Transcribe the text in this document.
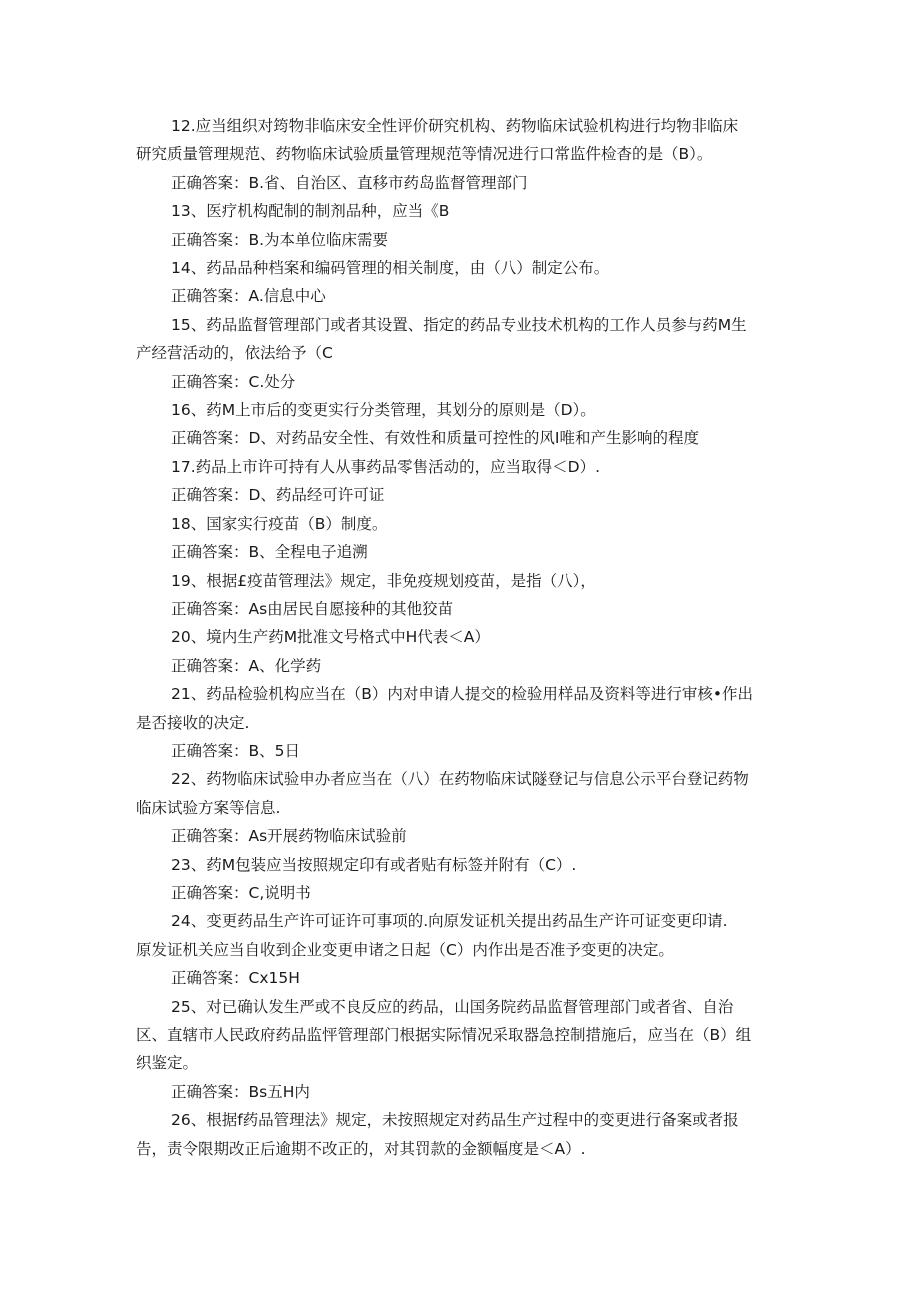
12.应当组织对筠物非临床安全性评价研究机构、药物临床试验机构进行均物非临床
研究质量管理规范、药物临床试验质量管理规范等情况进行口常监件检杳的是（B）。
正确答案：B.省、自治区、直移市药岛监督管理部门
13、医疗机构配制的制剂品种，应当《B
正确答案：B.为本单位临床需要
14、药品品种档案和编码管理的相关制度，由（八）制定公布。
正确答案：A.信息中心
15、药品监督管理部门或者其设置、指定的药品专业技术机构的工作人员参与药M生
产经营活动的，依法给予（C
正确答案：C.处分
16、药M上市后的变更实行分类管理，其划分的原则是（D）。
正确答案：D、对药品安全性、有效性和质量可控性的风I唯和产生影响的程度
17.药品上市许可持有人从事药品零售活动的，应当取得＜D）.
正确答案：D、药品经可许可证
18、国家实行疫苗（B）制度。
正确答案：B、全程电子追溯
19、根据£疫苗管理法》规定，非免疫规划疫苗，是指（八），
正确答案：As由居民自愿接种的其他狡苗
20、境内生产药M批准文号格式中H代表＜A）
正确答案：A、化学药
21、药品检验机构应当在（B）内对申请人提交的检验用样品及资料等进行审核•作出
是否接收的决定.
正确答案：B、5日
22、药物临床试验申办者应当在（八）在药物临床试隧登记与信息公示平台登记药物
临床试验方案等信息.
正确答案：As开展药物临床试验前
23、药M包装应当按照规定印有或者贴有标签并附有（C）.
正确答案：C,说明书
24、变更药品生产许可证许可事项的.向原发证机关提出药品生产许可证变更印请.
原发证机关应当自收到企业变更申诸之日起（C）内作出是否准予变更的决定。
正确答案：Cx15H
25、对已确认发生严或不良反应的药品，山国务院药品监督管理部门或者省、自治
区、直辖市人民政府药品监怦管理部门根据实际情况采取器急控制措施后，应当在（B）组
织鉴定。
正确答案：Bs五H内
26、根据f药品管理法》规定，未按照规定对药品生产过程中的变更进行备案或者报
告，责令限期改正后逾期不改正的，对其罚款的金额幅度是＜A）.
